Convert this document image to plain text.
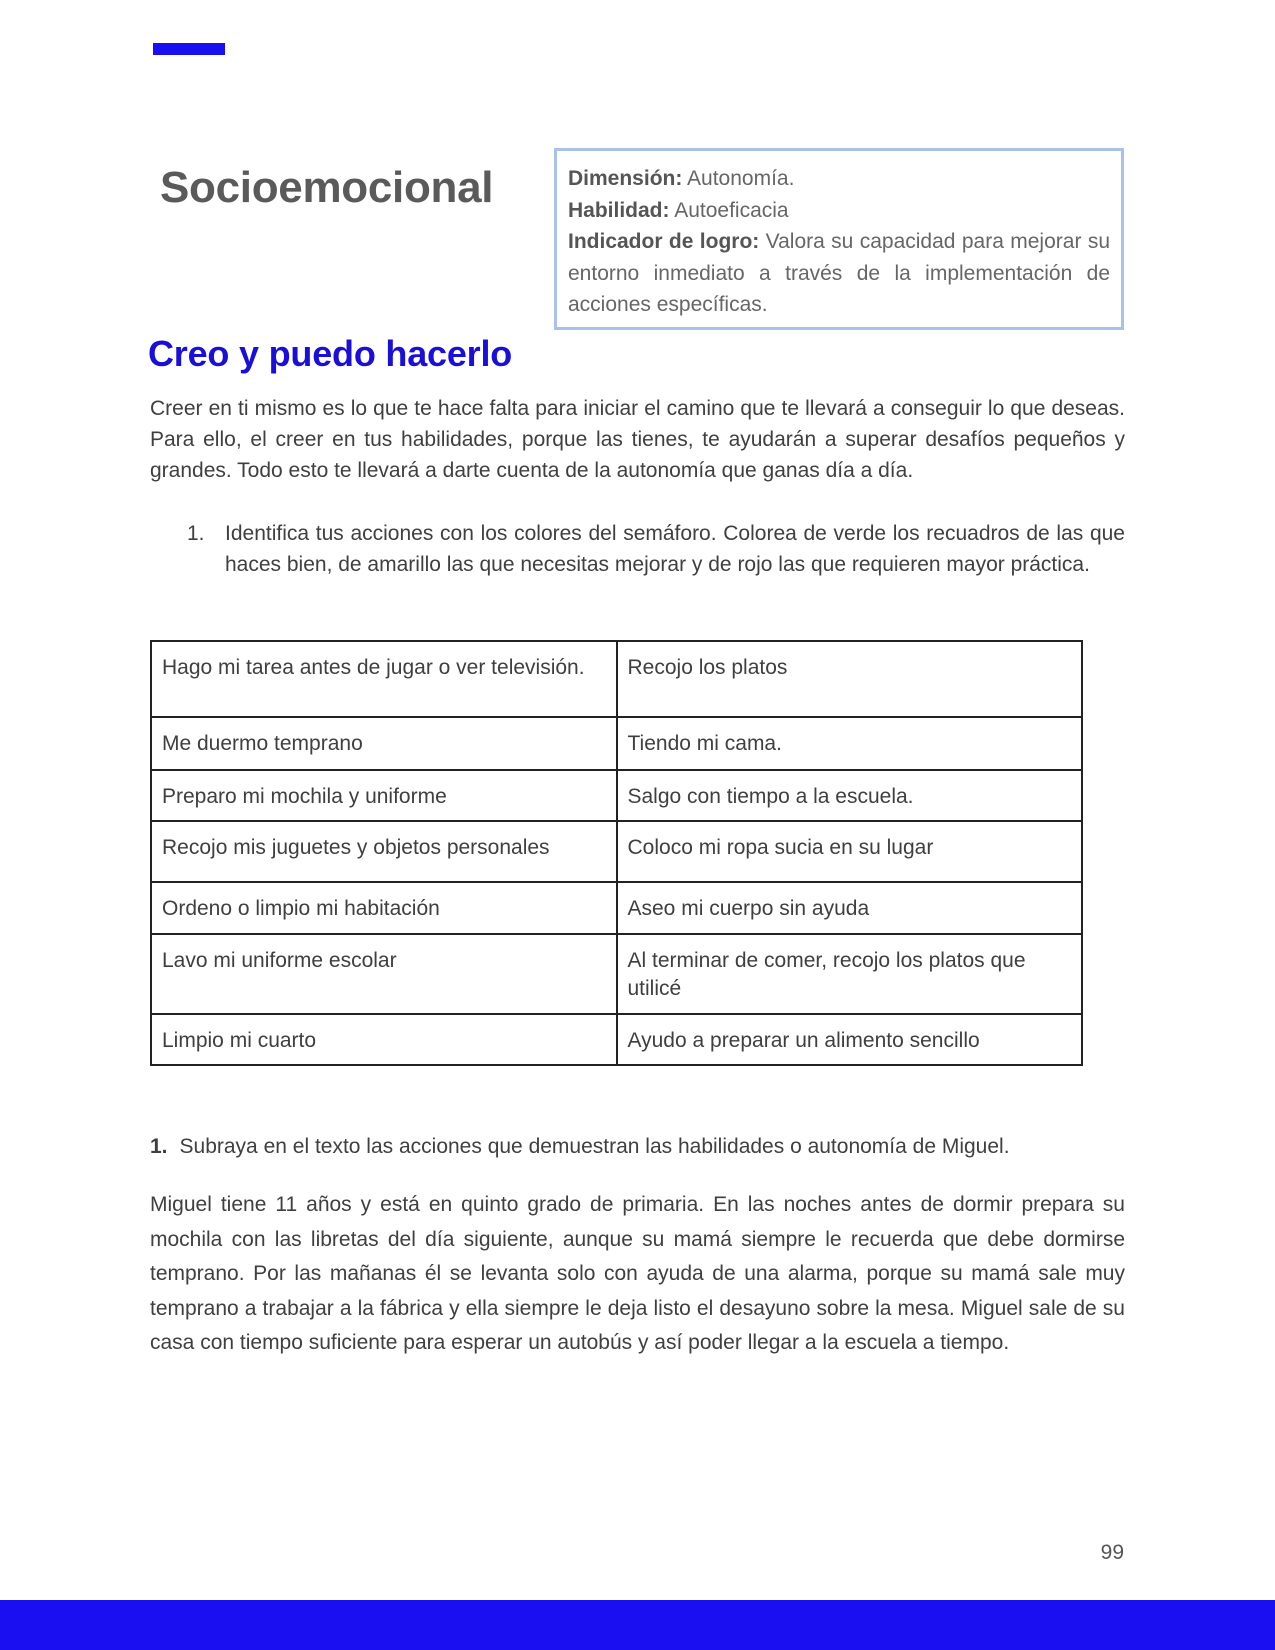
Socioemocional	Dimensión: Autonomía.

Habilidad: Autoeficacia

Indicador de logro: Valora su capacidad para mejorar su entorno inmediato a través de la implementación de acciones específicas.

Creo y puedo hacerlo

Creer en ti mismo es lo que te hace falta para iniciar el camino que te llevará a conseguir lo que deseas. Para ello, el creer en tus habilidades, porque las tienes, te ayudarán a superar desafíos pequeños y grandes. Todo esto te llevará a darte cuenta de la autonomía que ganas día a día.

1. Identifica tus acciones con los colores del semáforo. Colorea de verde los recuadros de las que haces bien, de amarillo las que necesitas mejorar y de rojo las que requieren mayor práctica.
Hago mi tarea antes de jugar o ver televisión.	Recojo los platos
Me duermo temprano	Tiendo mi cama.
Preparo mi mochila y uniforme	Salgo con tiempo a la escuela.
Recojo mis juguetes y objetos personales	Coloco mi ropa sucia en su lugar
Ordeno o limpio mi habitación	Aseo mi cuerpo sin ayuda
Lavo mi uniforme escolar	Al terminar de comer, recojo los platos que utilicé
Limpio mi cuarto	Ayudo a preparar un alimento sencillo
1. Subraya en el texto las acciones que demuestran las habilidades o autonomía de Miguel.

Miguel tiene 11 años y está en quinto grado de primaria. En las noches antes de dormir prepara su mochila con las libretas del día siguiente, aunque su mamá siempre le recuerda que debe dormirse temprano. Por las mañanas él se levanta solo con ayuda de una alarma, porque su mamá sale muy temprano a trabajar a la fábrica y ella siempre le deja listo el desayuno sobre la mesa. Miguel sale de su casa con tiempo suficiente para esperar un autobús y así poder llegar a la escuela a tiempo.

99
